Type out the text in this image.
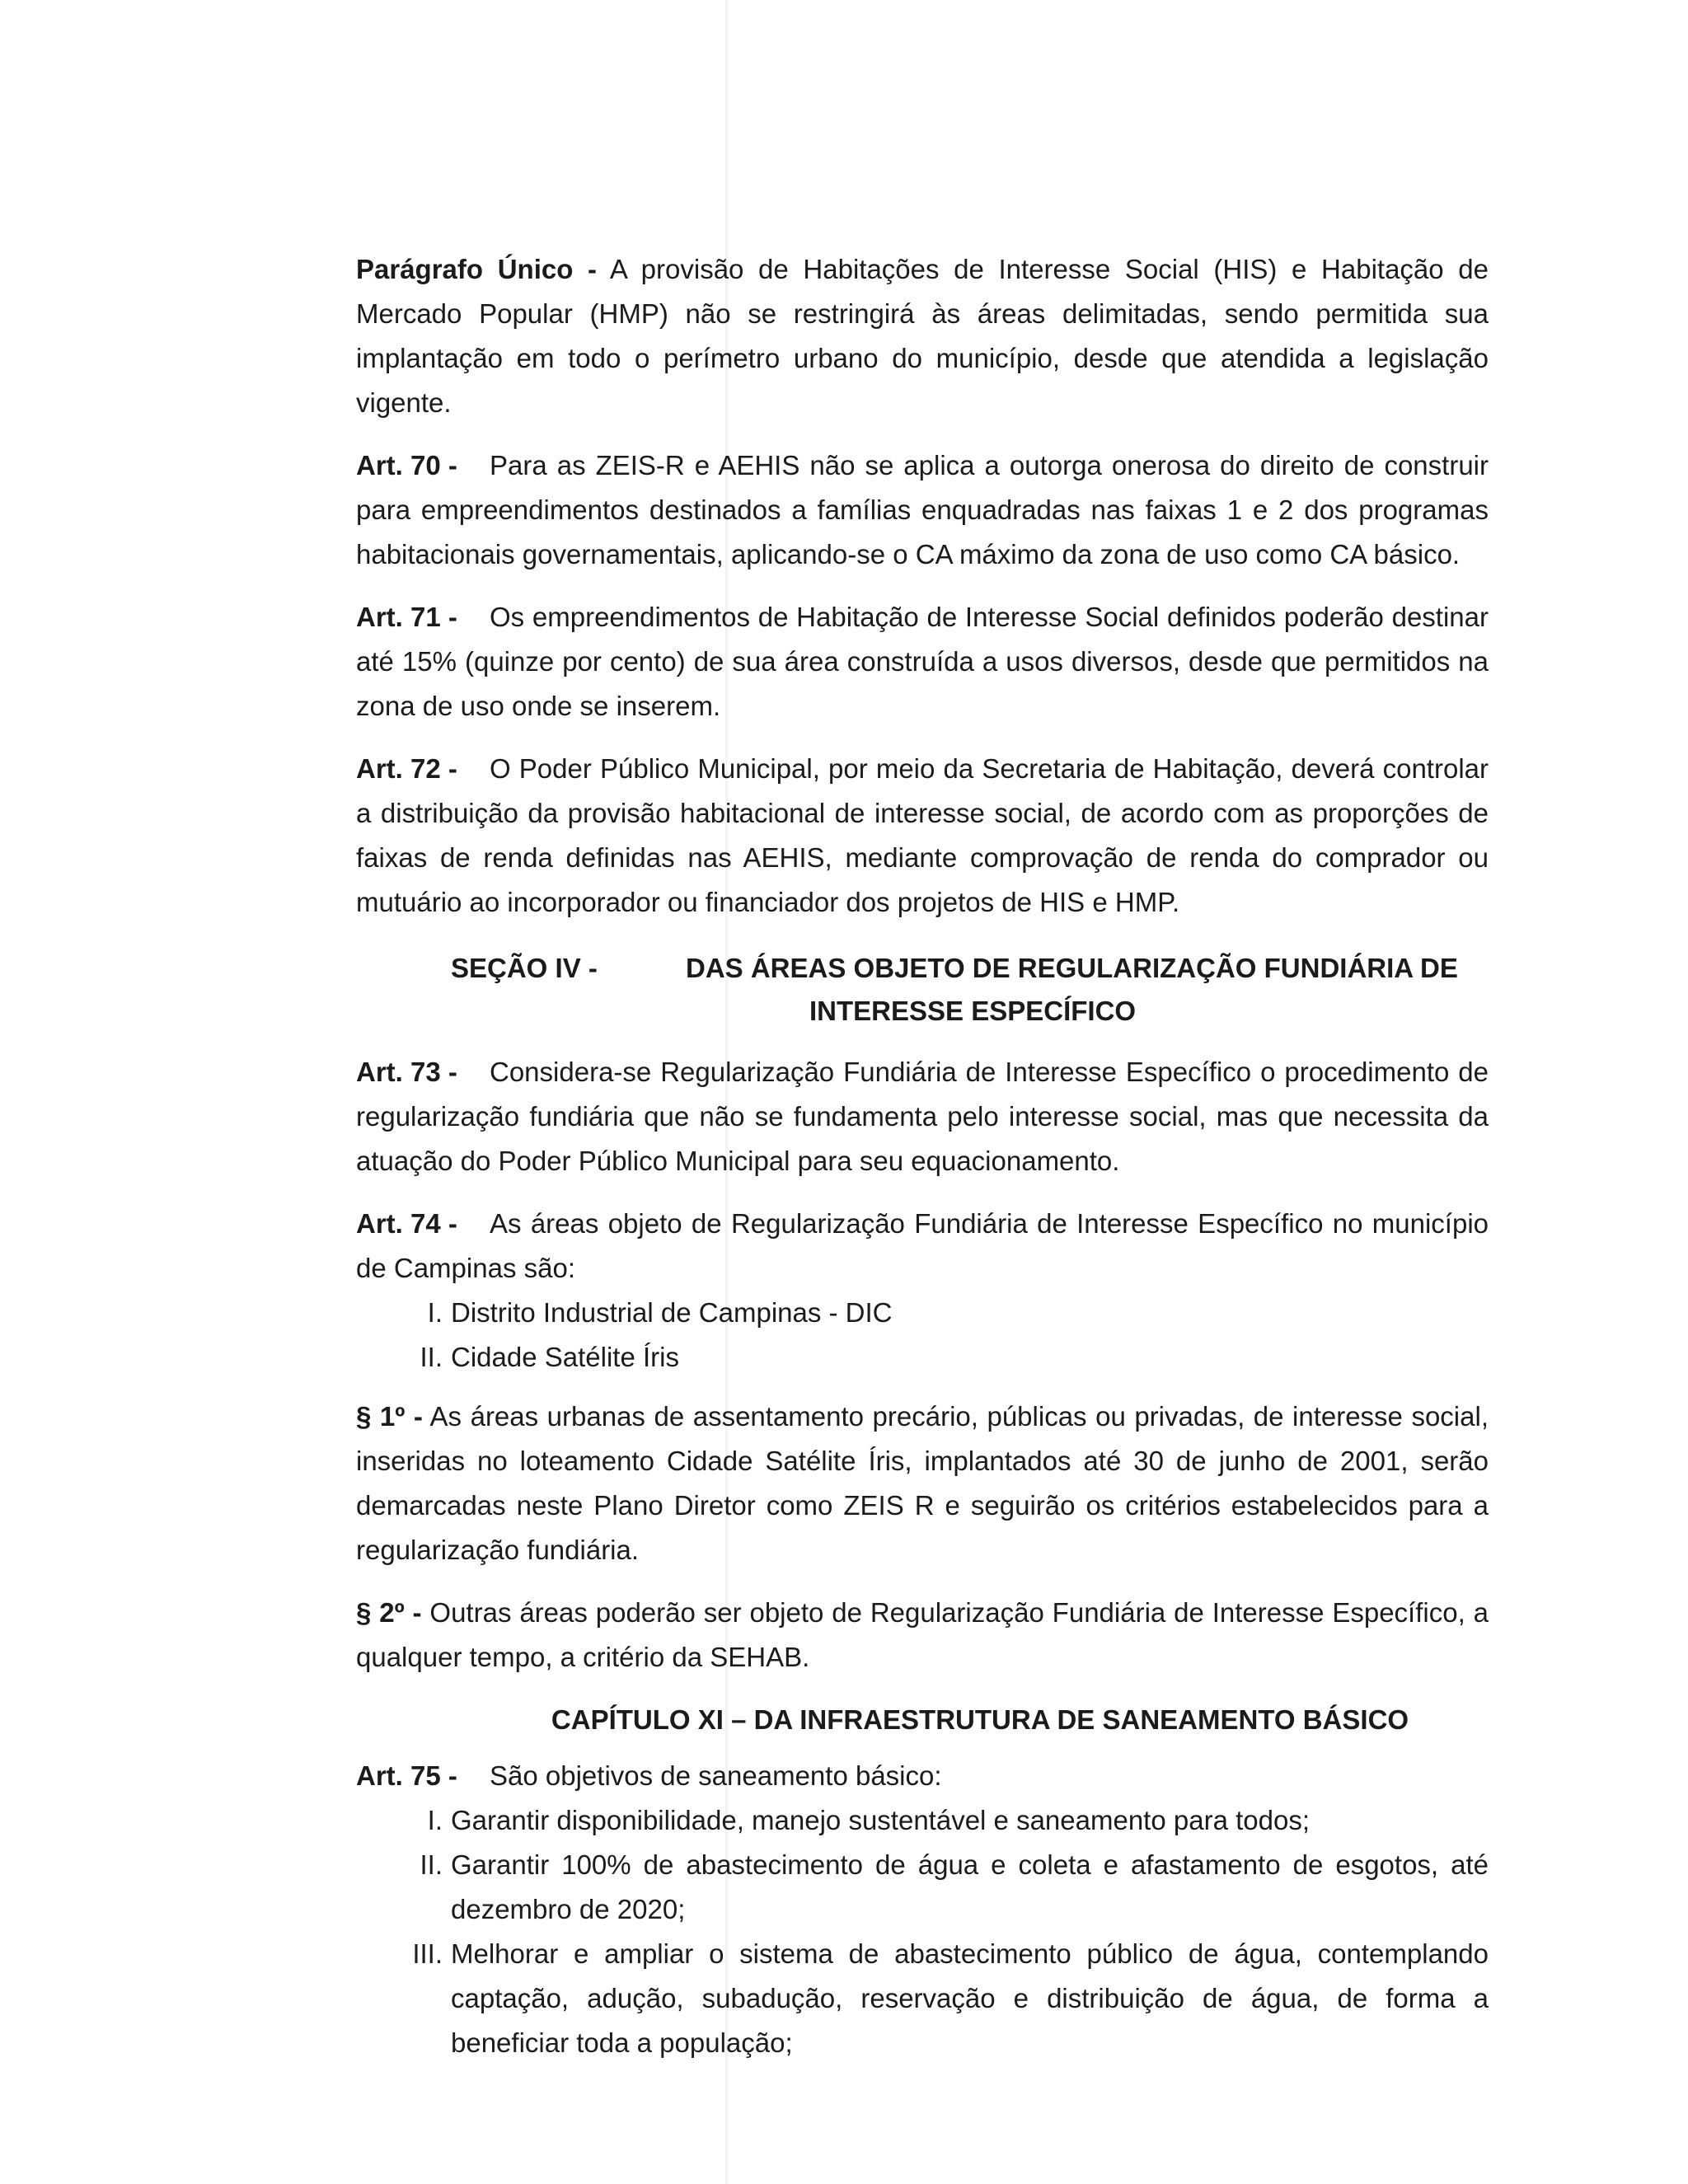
Parágrafo Único - A provisão de Habitações de Interesse Social (HIS) e Habitação de Mercado Popular (HMP) não se restringirá às áreas delimitadas, sendo permitida sua implantação em todo o perímetro urbano do município, desde que atendida a legislação vigente.

Art. 70 - Para as ZEIS-R e AEHIS não se aplica a outorga onerosa do direito de construir para empreendimentos destinados a famílias enquadradas nas faixas 1 e 2 dos programas habitacionais governamentais, aplicando-se o CA máximo da zona de uso como CA básico.

Art. 71 - Os empreendimentos de Habitação de Interesse Social definidos poderão destinar até 15% (quinze por cento) de sua área construída a usos diversos, desde que permitidos na zona de uso onde se inserem.

Art. 72 - O Poder Público Municipal, por meio da Secretaria de Habitação, deverá controlar a distribuição da provisão habitacional de interesse social, de acordo com as proporções de faixas de renda definidas nas AEHIS, mediante comprovação de renda do comprador ou mutuário ao incorporador ou financiador dos projetos de HIS e HMP.

SEÇÃO IV -	DAS ÁREAS OBJETO DE REGULARIZAÇÃO FUNDIÁRIA DE
INTERESSE ESPECÍFICO

Art. 73 - Considera-se Regularização Fundiária de Interesse Específico o procedimento de regularização fundiária que não se fundamenta pelo interesse social, mas que necessita da atuação do Poder Público Municipal para seu equacionamento.

Art. 74 - As áreas objeto de Regularização Fundiária de Interesse Específico no município de Campinas são:

I. Distrito Industrial de Campinas - DIC
II. Cidade Satélite Íris

§ 1º - As áreas urbanas de assentamento precário, públicas ou privadas, de interesse social, inseridas no loteamento Cidade Satélite Íris, implantados até 30 de junho de 2001, serão demarcadas neste Plano Diretor como ZEIS R e seguirão os critérios estabelecidos para a regularização fundiária.

§ 2º - Outras áreas poderão ser objeto de Regularização Fundiária de Interesse Específico, a qualquer tempo, a critério da SEHAB.

CAPÍTULO XI – DA INFRAESTRUTURA DE SANEAMENTO BÁSICO

Art. 75 - São objetivos de saneamento básico:

I. Garantir disponibilidade, manejo sustentável e saneamento para todos;
II. Garantir 100% de abastecimento de água e coleta e afastamento de esgotos, até dezembro de 2020;
III. Melhorar e ampliar o sistema de abastecimento público de água, contemplando captação, adução, subadução, reservação e distribuição de água, de forma a beneficiar toda a população;
